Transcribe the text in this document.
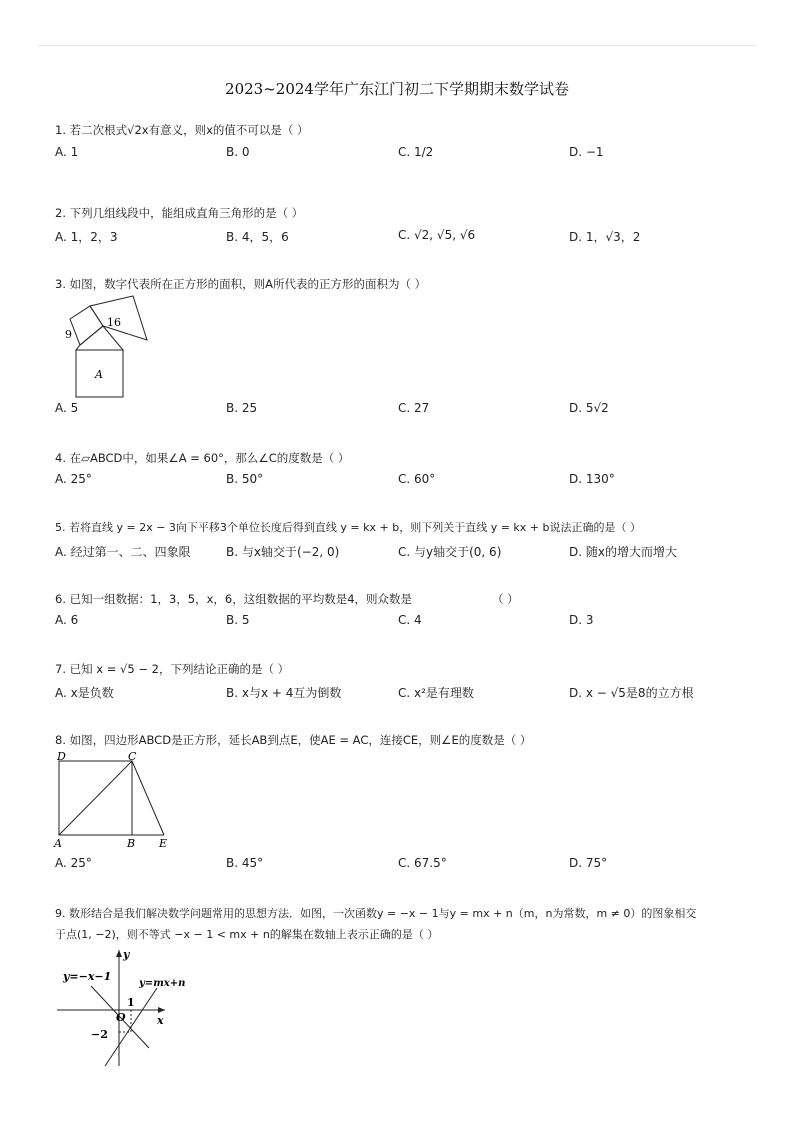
2023~2024学年广东江门初二下学期期末数学试卷
1. 若二次根式√2x有意义，则x的值不可以是（ ）
A. 1	B. 0	C. 1/2	D. −1
2. 下列几组线段中，能组成直角三角形的是（ ）
A. 1，2，3	B. 4，5，6	C. √2, √5, √6	D. 1，√3，2
3. 如图，数字代表所在正方形的面积，则A所代表的正方形的面积为（ ）
9
16
A
A. 5	B. 25	C. 27	D. 5√2
4. 在▱ABCD中，如果∠A = 60°，那么∠C的度数是（ ）
A. 25°	B. 50°	C. 60°	D. 130°
5. 若将直线 y = 2x − 3向下平移3个单位长度后得到直线 y = kx + b，则下列关于直线 y = kx + b说法正确的是（ ）
A. 经过第一、二、四象限	B. 与x轴交于(−2, 0)	C. 与y轴交于(0, 6)	D. 随x的增大而增大
6. 已知一组数据：1，3，5，x，6，这组数据的平均数是4，则众数是	（ ）
A. 6	B. 5	C. 4	D. 3
7. 已知 x = √5 − 2，下列结论正确的是（ ）
A. x是负数	B. x与x + 4互为倒数	C. x²是有理数	D. x − √5是8的立方根
8. 如图，四边形ABCD是正方形，延长AB到点E，使AE = AC，连接CE，则∠E的度数是（ ）
D	C
A	B E
A. 25°	B. 45°	C. 67.5°	D. 75°
9. 数形结合是我们解决数学问题常用的思想方法．如图，一次函数y = −x − 1与y = mx + n（m，n为常数，m ≠ 0）的图象相交
于点(1, −2)，则不等式 −x − 1 < mx + n的解集在数轴上表示正确的是（ ）
y
x
O
y=−x−1
y=mx+n
1
−2
